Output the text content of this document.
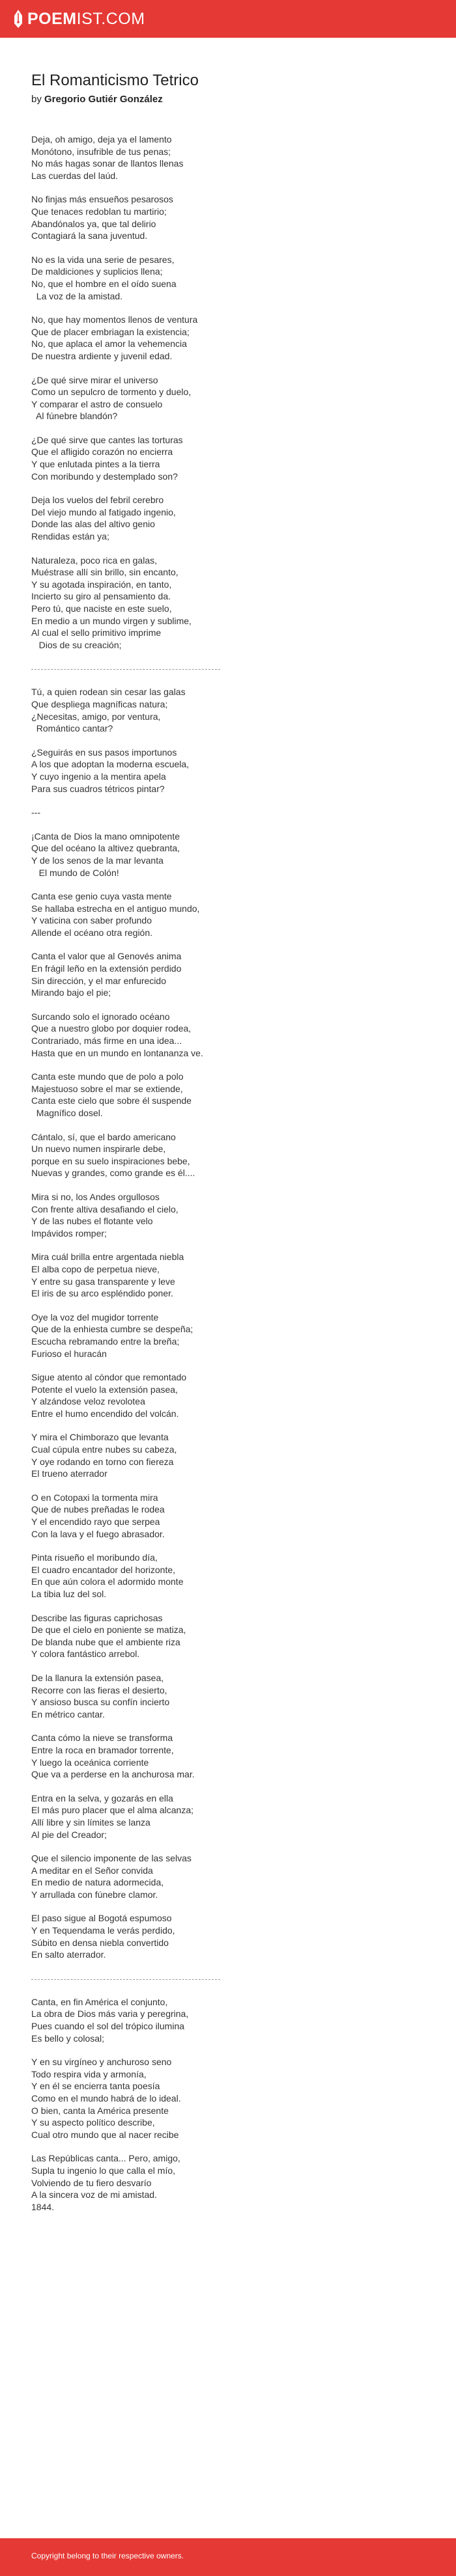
POEMIST.COM
El Romanticismo Tetrico
by Gregorio Gutiér González
Deja, oh amigo, deja ya el lamento
Monótono, insufrible de tus penas;
No más hagas sonar de llantos llenas
Las cuerdas del laúd.
No finjas más ensueños pesarosos
Que tenaces redoblan tu martirio;
Abandónalos ya, que tal delirio
Contagiará la sana juventud.
No es la vida una serie de pesares,
De maldiciones y suplicios llena;
No, que el hombre en el oído suena
La voz de la amistad.
No, que hay momentos llenos de ventura
Que de placer embriagan la existencia;
No, que aplaca el amor la vehemencia
De nuestra ardiente y juvenil edad.
¿De qué sirve mirar el universo
Como un sepulcro de tormento y duelo,
Y comparar el astro de consuelo
Al fúnebre blandón?
¿De qué sirve que cantes las torturas
Que el afligido corazón no encierra
Y que enlutada pintes a la tierra
Con moribundo y destemplado son?
Deja los vuelos del febril cerebro
Del viejo mundo al fatigado ingenio,
Donde las alas del altivo genio
Rendidas están ya;
Naturaleza, poco rica en galas,
Muéstrase allí sin brillo, sin encanto,
Y su agotada inspiración, en tanto,
Incierto su giro al pensamiento da.
Pero tú, que naciste en este suelo,
En medio a un mundo virgen y sublime,
Al cual el sello primitivo imprime
Dios de su creación;
Tú, a quien rodean sin cesar las galas
Que despliega magníficas natura;
¿Necesitas, amigo, por ventura,
Romántico cantar?
¿Seguirás en sus pasos importunos
A los que adoptan la moderna escuela,
Y cuyo ingenio a la mentira apela
Para sus cuadros tétricos pintar?
---
¡Canta de Dios la mano omnipotente
Que del océano la altivez quebranta,
Y de los senos de la mar levanta
El mundo de Colón!
Canta ese genio cuya vasta mente
Se hallaba estrecha en el antiguo mundo,
Y vaticina con saber profundo
Allende el océano otra región.
Canta el valor que al Genovés anima
En frágil leño en la extensión perdido
Sin dirección, y el mar enfurecido
Mirando bajo el pie;
Surcando solo el ignorado océano
Que a nuestro globo por doquier rodea,
Contrariado, más firme en una idea...
Hasta que en un mundo en lontananza ve.
Canta este mundo que de polo a polo
Majestuoso sobre el mar se extiende,
Canta este cielo que sobre él suspende
Magnífico dosel.
Cántalo, sí, que el bardo americano
Un nuevo numen inspirarle debe,
porque en su suelo inspiraciones bebe,
Nuevas y grandes, como grande es él....
Mira si no, los Andes orgullosos
Con frente altiva desafiando el cielo,
Y de las nubes el flotante velo
Impávidos romper;
Mira cuál brilla entre argentada niebla
El alba copo de perpetua nieve,
Y entre su gasa transparente y leve
El iris de su arco espléndido poner.
Oye la voz del mugidor torrente
Que de la enhiesta cumbre se despeña;
Escucha rebramando entre la breña;
Furioso el huracán
Sigue atento al cóndor que remontado
Potente el vuelo la extensión pasea,
Y alzándose veloz revolotea
Entre el humo encendido del volcán.
Y mira el Chimborazo que levanta
Cual cúpula entre nubes su cabeza,
Y oye rodando en torno con fiereza
El trueno aterrador
O en Cotopaxi la tormenta mira
Que de nubes preñadas le rodea
Y el encendido rayo que serpea
Con la lava y el fuego abrasador.
Pinta risueño el moribundo día,
El cuadro encantador del horizonte,
En que aún colora el adormido monte
La tibia luz del sol.
Describe las figuras caprichosas
De que el cielo en poniente se matiza,
De blanda nube que el ambiente riza
Y colora fantástico arrebol.
De la llanura la extensión pasea,
Recorre con las fieras el desierto,
Y ansioso busca su confín incierto
En métrico cantar.
Canta cómo la nieve se transforma
Entre la roca en bramador torrente,
Y luego la oceánica corriente
Que va a perderse en la anchurosa mar.
Entra en la selva, y gozarás en ella
El más puro placer que el alma alcanza;
Allí libre y sin límites se lanza
Al pie del Creador;
Que el silencio imponente de las selvas
A meditar en el Señor convida
En medio de natura adormecida,
Y arrullada con fúnebre clamor.
El paso sigue al Bogotá espumoso
Y en Tequendama le verás perdido,
Súbito en densa niebla convertido
En salto aterrador.
Canta, en fin América el conjunto,
La obra de Dios más varia y peregrina,
Pues cuando el sol del trópico ilumina
Es bello y colosal;
Y en su virgíneo y anchuroso seno
Todo respira vida y armonía,
Y en él se encierra tanta poesía
Como en el mundo habrá de lo ideal.
O bien, canta la América presente
Y su aspecto político describe,
Cual otro mundo que al nacer recibe
Las Repúblicas canta... Pero, amigo,
Supla tu ingenio lo que calla el mío,
Volviendo de tu fiero desvarío
A la sincera voz de mi amistad.
1844.
Copyright belong to their respective owners.
